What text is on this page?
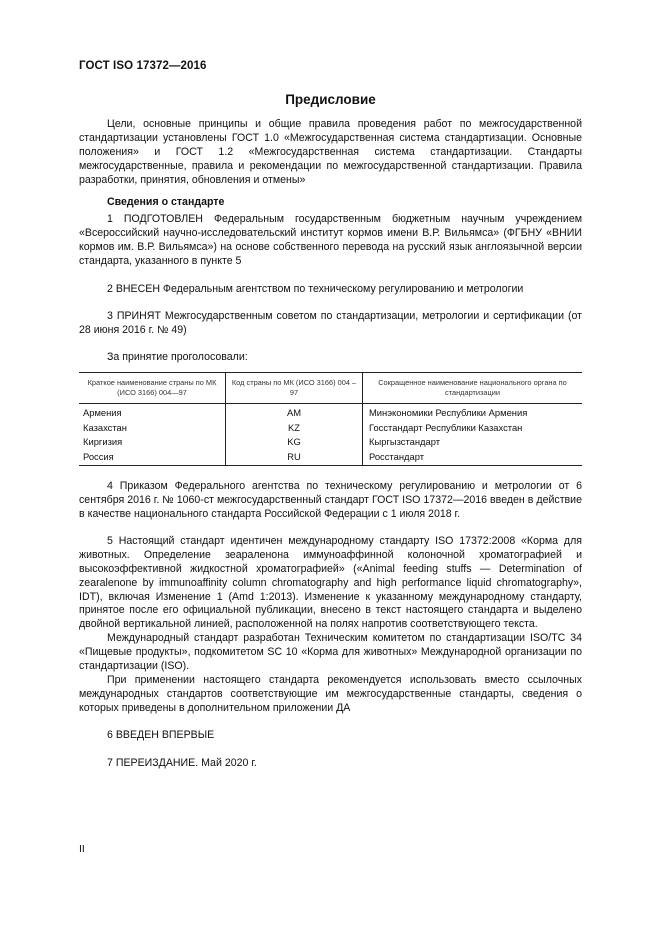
ГОСТ ISO 17372—2016
Предисловие

Цели, основные принципы и общие правила проведения работ по межгосударственной стандартизации установлены ГОСТ 1.0 «Межгосударственная система стандартизации. Основные положения» и ГОСТ 1.2 «Межгосударственная система стандартизации. Стандарты межгосударственные, правила и рекомендации по межгосударственной стандартизации. Правила разработки, принятия, обновления и отмены»

Сведения о стандарте

1 ПОДГОТОВЛЕН Федеральным государственным бюджетным научным учреждением «Всероссийский научно-исследовательский институт кормов имени В.Р. Вильямса» (ФГБНУ «ВНИИ кормов им. В.Р. Вильямса») на основе собственного перевода на русский язык англоязычной версии стандарта, указанного в пункте 5

2 ВНЕСЕН Федеральным агентством по техническому регулированию и метрологии

3 ПРИНЯТ Межгосударственным советом по стандартизации, метрологии и сертификации (от 28 июня 2016 г. № 49)

За принятие проголосовали:

Краткое наименование страны по МК (ИСО 3166) 004—97	Код страны по МК (ИСО 3166) 004 – 97	Сокращенное наименование национального органа по стандартизации
Армения	AM	Минэкономики Республики Армения
Казахстан	KZ	Госстандарт Республики Казахстан
Киргизия	KG	Кыргызстандарт
Россия	RU	Росстандарт

4 Приказом Федерального агентства по техническому регулированию и метрологии от 6 сентября 2016 г. № 1060-ст межгосударственный стандарт ГОСТ ISO 17372—2016 введен в действие в качестве национального стандарта Российской Федерации с 1 июля 2018 г.

5 Настоящий стандарт идентичен международному стандарту ISO 17372:2008 «Корма для животных. Определение зеараленона иммуноаффинной колоночной хроматографией и высокоэффективной жидкостной хроматографией» («Animal feeding stuffs — Determination of zearalenone by immunoaffinity column chromatography and high performance liquid chromatography», IDT), включая Изменение 1 (Amd 1:2013). Изменение к указанному международному стандарту, принятое после его официальной публикации, внесено в текст настоящего стандарта и выделено двойной вертикальной линией, расположенной на полях напротив соответствующего текста.

Международный стандарт разработан Техническим комитетом по стандартизации ISO/TC 34 «Пищевые продукты», подкомитетом SC 10 «Корма для животных» Международной организации по стандартизации (ISO).

При применении настоящего стандарта рекомендуется использовать вместо ссылочных международных стандартов соответствующие им межгосударственные стандарты, сведения о которых приведены в дополнительном приложении ДА

6 ВВЕДЕН ВПЕРВЫЕ

7 ПЕРЕИЗДАНИЕ. Май 2020 г.

II
